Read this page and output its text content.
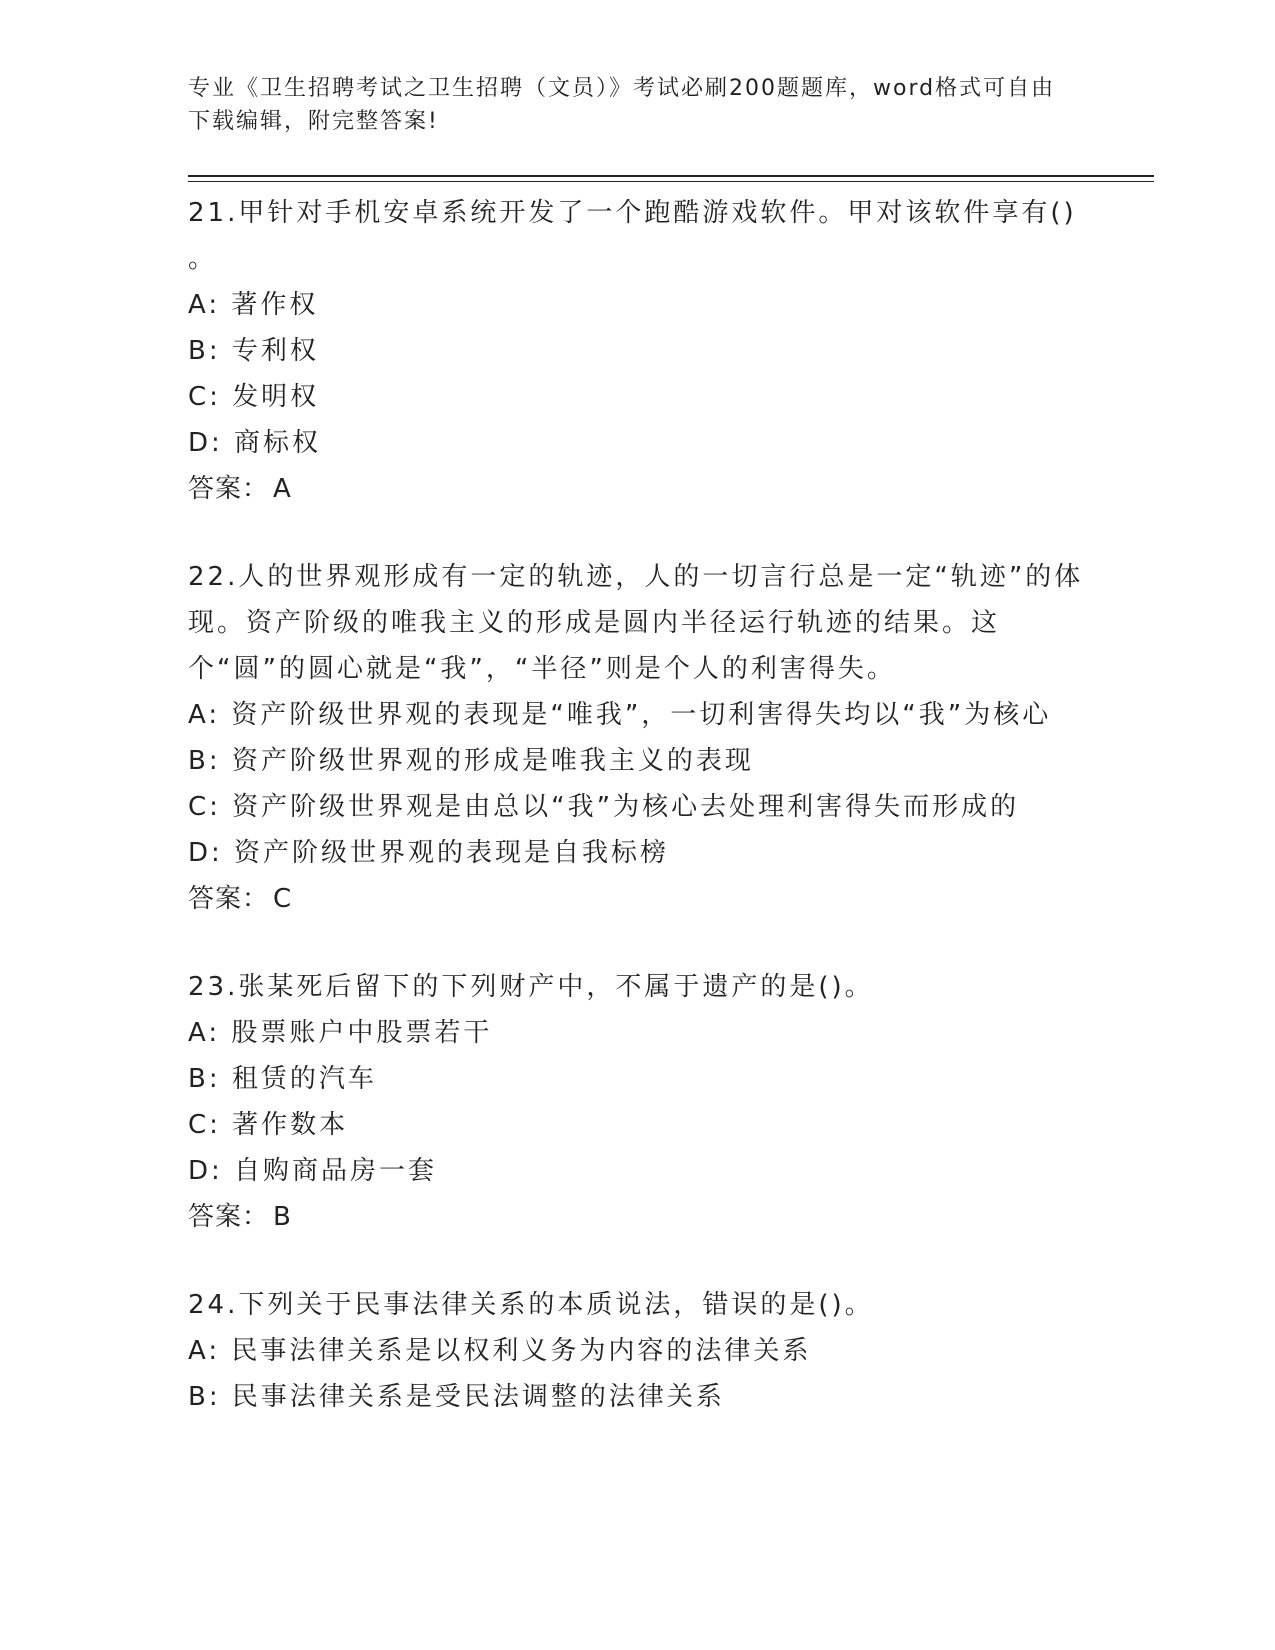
专业《卫生招聘考试之卫生招聘（文员）》考试必刷200题题库，word格式可自由下载编辑，附完整答案!
21.甲针对手机安卓系统开发了一个跑酷游戏软件。甲对该软件享有()
。
A: 著作权
B: 专利权
C: 发明权
D: 商标权
答案： A
22.人的世界观形成有一定的轨迹，人的一切言行总是一定“轨迹”的体现。资产阶级的唯我主义的形成是圆内半径运行轨迹的结果。这个“圆”的圆心就是“我”，“半径”则是个人的利害得失。
A: 资产阶级世界观的表现是“唯我”，一切利害得失均以“我”为核心
B: 资产阶级世界观的形成是唯我主义的表现
C: 资产阶级世界观是由总以“我”为核心去处理利害得失而形成的
D: 资产阶级世界观的表现是自我标榜
答案： C
23.张某死后留下的下列财产中，不属于遗产的是()。
A: 股票账户中股票若干
B: 租赁的汽车
C: 著作数本
D: 自购商品房一套
答案： B
24.下列关于民事法律关系的本质说法，错误的是()。
A: 民事法律关系是以权利义务为内容的法律关系
B: 民事法律关系是受民法调整的法律关系
